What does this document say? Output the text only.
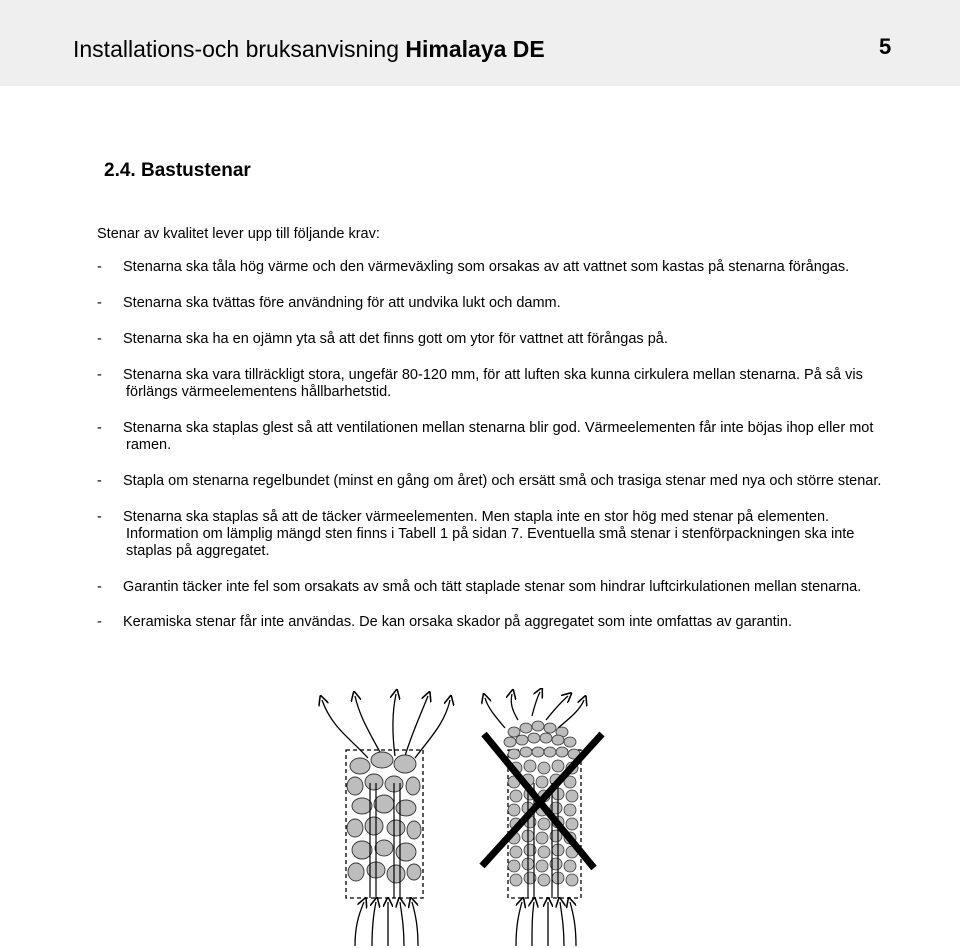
Installations-och bruksanvisning Himalaya DE	5
2.4. Bastustenar
Stenar av kvalitet lever upp till följande krav:
- Stenarna ska tåla hög värme och den värmeväxling som orsakas av att vattnet som kastas på stenarna förångas.
- Stenarna ska tvättas före användning för att undvika lukt och damm.
- Stenarna ska ha en ojämn yta så att det finns gott om ytor för vattnet att förångas på.
- Stenarna ska vara tillräckligt stora, ungefär 80-120 mm, för att luften ska kunna cirkulera mellan stenarna. På så vis
förlängs värmeelementens hållbarhetstid.
- Stenarna ska staplas glest så att ventilationen mellan stenarna blir god. Värmeelementen får inte böjas ihop eller mot
ramen.
- Stapla om stenarna regelbundet (minst en gång om året) och ersätt små och trasiga stenar med nya och större stenar.
- Stenarna ska staplas så att de täcker värmeelementen. Men stapla inte en stor hög med stenar på elementen.
Information om lämplig mängd sten finns i Tabell 1 på sidan 7. Eventuella små stenar i stenförpackningen ska inte
staplas på aggregatet.
- Garantin täcker inte fel som orsakats av små och tätt staplade stenar som hindrar luftcirkulationen mellan stenarna.
- Keramiska stenar får inte användas. De kan orsaka skador på aggregatet som inte omfattas av garantin.
